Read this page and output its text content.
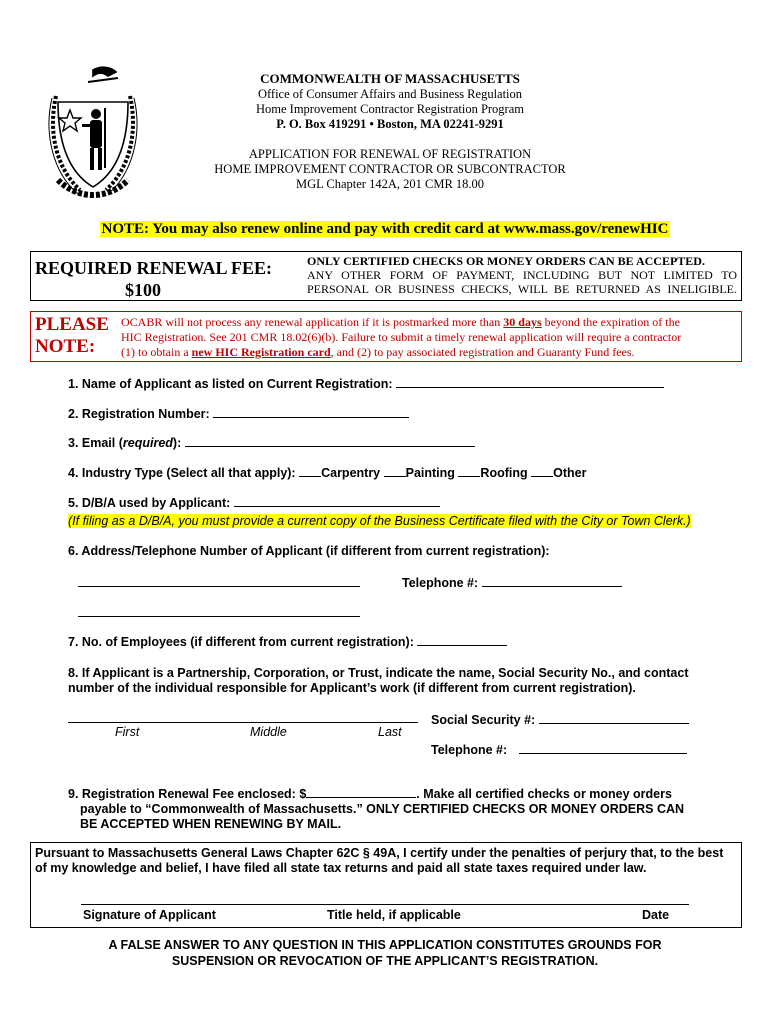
COMMONWEALTH OF MASSACHUSETTS
Office of Consumer Affairs and Business Regulation
Home Improvement Contractor Registration Program
P. O. Box 419291 • Boston, MA 02241-9291
APPLICATION FOR RENEWAL OF REGISTRATION
HOME IMPROVEMENT CONTRACTOR OR SUBCONTRACTOR
MGL Chapter 142A, 201 CMR 18.00
NOTE: You may also renew online and pay with credit card at www.mass.gov/renewHIC
REQUIRED RENEWAL FEE:
$100
ONLY CERTIFIED CHECKS OR MONEY ORDERS CAN BE ACCEPTED.
ANY OTHER FORM OF PAYMENT, INCLUDING BUT NOT LIMITED TO
PERSONAL OR BUSINESS CHECKS, WILL BE RETURNED AS INELIGIBLE.
PLEASE
NOTE:
OCABR will not process any renewal application if it is postmarked more than 30 days beyond the expiration of the
HIC Registration. See 201 CMR 18.02(6)(b). Failure to submit a timely renewal application will require a contractor
(1) to obtain a new HIC Registration card, and (2) to pay associated registration and Guaranty Fund fees.
1. Name of Applicant as listed on Current Registration:
2. Registration Number:
3. Email (required):
4. Industry Type (Select all that apply): Carpentry Painting Roofing Other
5. D/B/A used by Applicant:
(If filing as a D/B/A, you must provide a current copy of the Business Certificate filed with the City or Town Clerk.)
6. Address/Telephone Number of Applicant (if different from current registration):
Telephone #:
7. No. of Employees (if different from current registration):
8. If Applicant is a Partnership, Corporation, or Trust, indicate the name, Social Security No., and contact
number of the individual responsible for Applicant’s work (if different from current registration).
First	Middle	Last
Social Security #:
Telephone #:
9. Registration Renewal Fee enclosed: $	. Make all certified checks or money orders
payable to “Commonwealth of Massachusetts.” ONLY CERTIFIED CHECKS OR MONEY ORDERS CAN
BE ACCEPTED WHEN RENEWING BY MAIL.
Pursuant to Massachusetts General Laws Chapter 62C § 49A, I certify under the penalties of perjury that, to the best
of my knowledge and belief, I have filed all state tax returns and paid all state taxes required under law.
Signature of Applicant	Title held, if applicable	Date
A FALSE ANSWER TO ANY QUESTION IN THIS APPLICATION CONSTITUTES GROUNDS FOR
SUSPENSION OR REVOCATION OF THE APPLICANT’S REGISTRATION.
